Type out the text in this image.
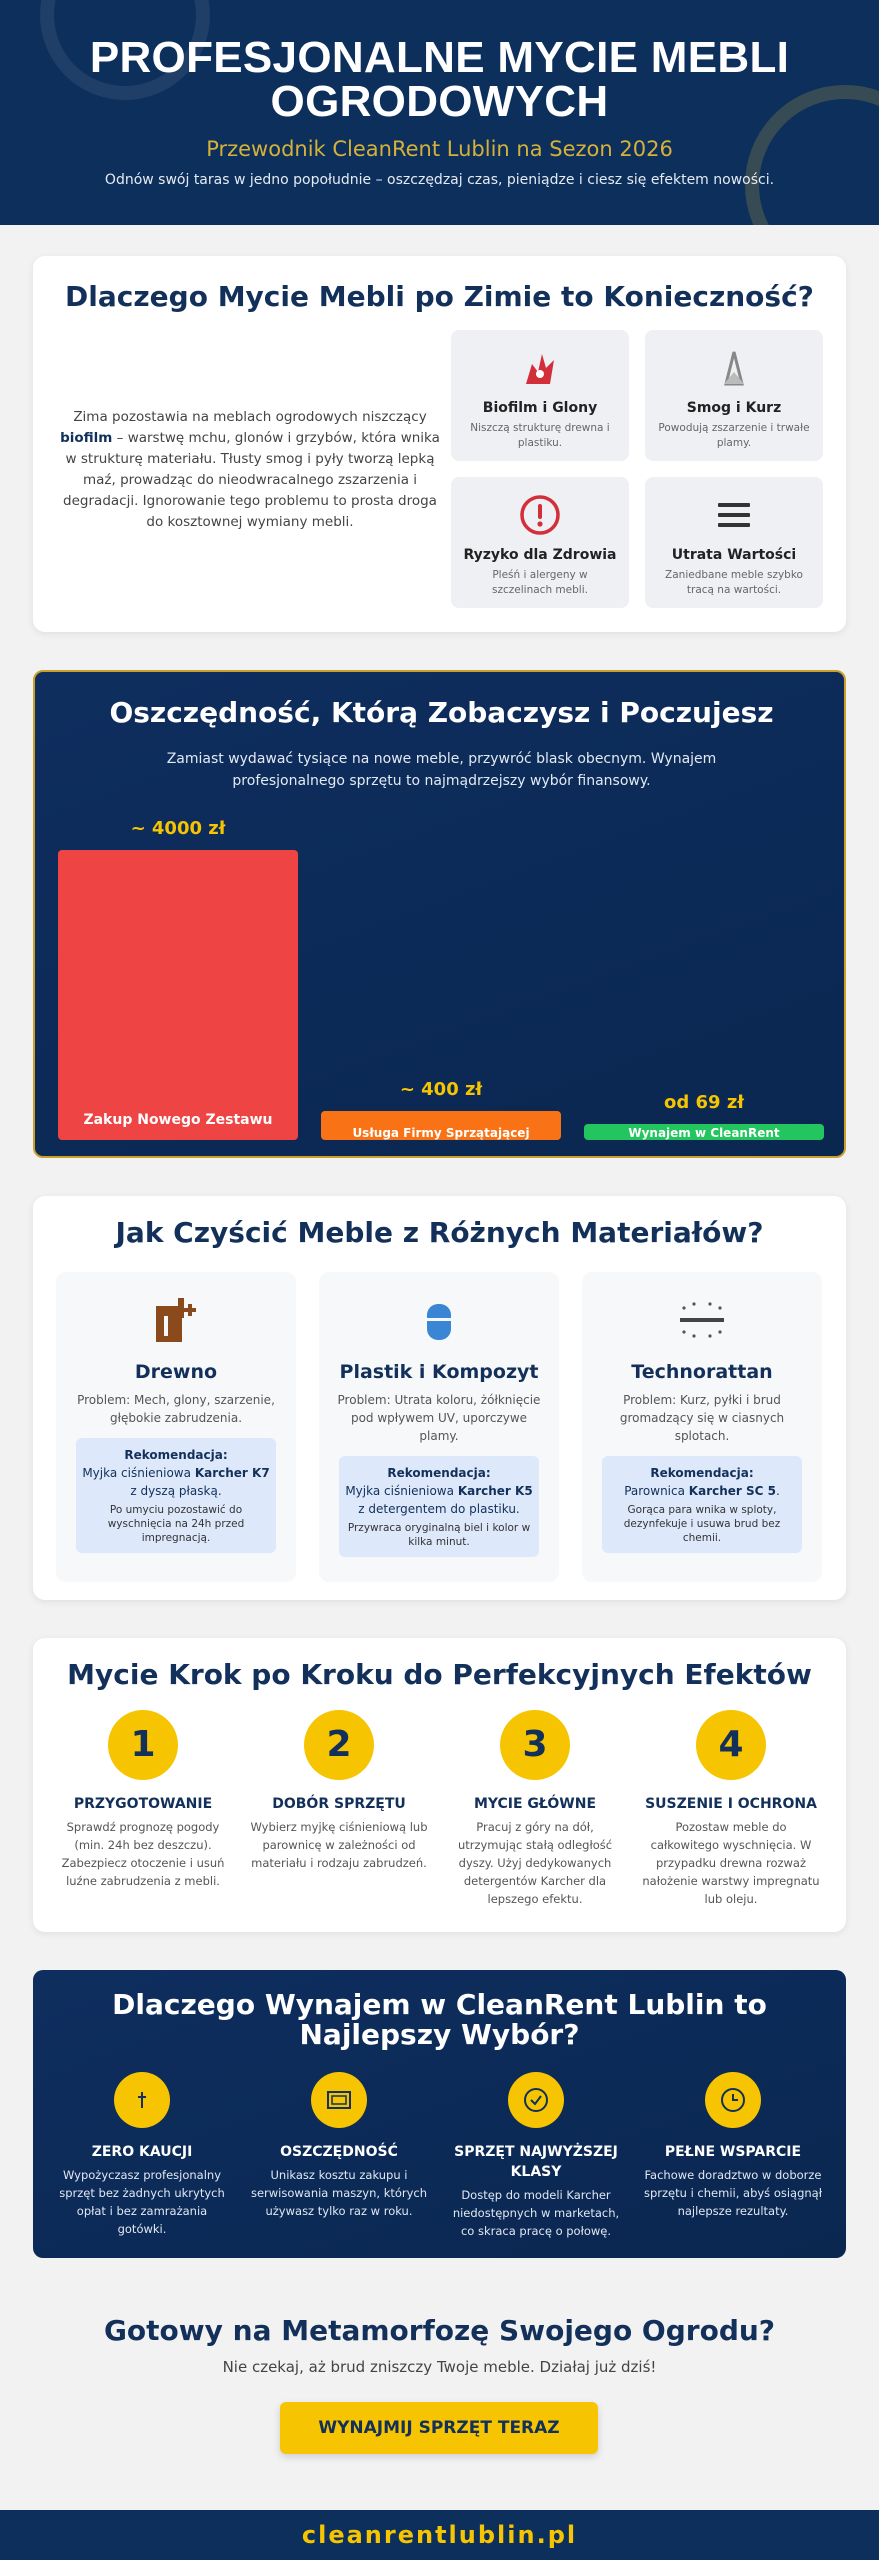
PROFESJONALNE MYCIE MEBLI
OGRODOWYCH
Przewodnik CleanRent Lublin na Sezon 2026
Odnów swój taras w jedno popołudnie – oszczędzaj czas, pieniądze i ciesz się efektem nowości.
Dlaczego Mycie Mebli po Zimie to Konieczność?
Zima pozostawia na meblach ogrodowych niszczący biofilm – warstwę mchu, glonów i grzybów, która wnika w strukturę materiału. Tłusty smog i pyły tworzą lepką maź, prowadząc do nieodwracalnego zszarzenia i degradacji. Ignorowanie tego problemu to prosta droga do kosztownej wymiany mebli.
Biofilm i Glony
Niszczą strukturę drewna i plastiku.
Smog i Kurz
Powodują zszarzenie i trwałe plamy.
Ryzyko dla Zdrowia
Pleśń i alergeny w szczelinach mebli.
Utrata Wartości
Zaniedbane meble szybko tracą na wartości.
Oszczędność, Którą Zobaczysz i Poczujesz
Zamiast wydawać tysiące na nowe meble, przywróć blask obecnym. Wynajem profesjonalnego sprzętu to najmądrzejszy wybór finansowy.
Zakup Nowego Zestawu
~ 4000 zł
Usługa Firmy Sprzątającej
~ 400 zł
Wynajem w CleanRent
od 69 zł
Jak Czyścić Meble z Różnych Materiałów?
Drewno
Problem: Mech, glony, szarzenie, głębokie zabrudzenia.
Rekomendacja:
Myjka ciśnieniowa Karcher K7 z dyszą płaską.
Po umyciu pozostawić do wyschnięcia na 24h przed impregnacją.
Plastik i Kompozyt
Problem: Utrata koloru, żółknięcie pod wpływem UV, uporczywe plamy.
Rekomendacja:
Myjka ciśnieniowa Karcher K5 z detergentem do plastiku.
Przywraca oryginalną biel i kolor w kilka minut.
Technorattan
Problem: Kurz, pyłki i brud gromadzący się w ciasnych splotach.
Rekomendacja:
Parownica Karcher SC 5.
Gorąca para wnika w sploty, dezynfekuje i usuwa brud bez chemii.
Mycie Krok po Kroku do Perfekcyjnych Efektów
1
PRZYGOTOWANIE
Sprawdź prognozę pogody (min. 24h bez deszczu). Zabezpiecz otoczenie i usuń luźne zabrudzenia z mebli.
2
DOBÓR SPRZĘTU
Wybierz myjkę ciśnieniową lub parownicę w zależności od materiału i rodzaju zabrudzeń.
3
MYCIE GŁÓWNE
Pracuj z góry na dół, utrzymując stałą odległość dyszy. Użyj dedykowanych detergentów Karcher dla lepszego efektu.
4
SUSZENIE I OCHRONA
Pozostaw meble do całkowitego wyschnięcia. W przypadku drewna rozważ nałożenie warstwy impregnatu lub oleju.
Dlaczego Wynajem w CleanRent Lublin to
Najlepszy Wybór?
ZERO KAUCJI
Wypożyczasz profesjonalny sprzęt bez żadnych ukrytych opłat i bez zamrażania gotówki.
OSZCZĘDNOŚĆ
Unikasz kosztu zakupu i serwisowania maszyn, których używasz tylko raz w roku.
SPRZĘT NAJWYŻSZEJ KLASY
Dostęp do modeli Karcher niedostępnych w marketach, co skraca pracę o połowę.
PEŁNE WSPARCIE
Fachowe doradztwo w doborze sprzętu i chemii, abyś osiągnął najlepsze rezultaty.
Gotowy na Metamorfozę Swojego Ogrodu?
Nie czekaj, aż brud zniszczy Twoje meble. Działaj już dziś!
WYNAJMIJ SPRZĘT TERAZ
cleanrentlublin.pl
